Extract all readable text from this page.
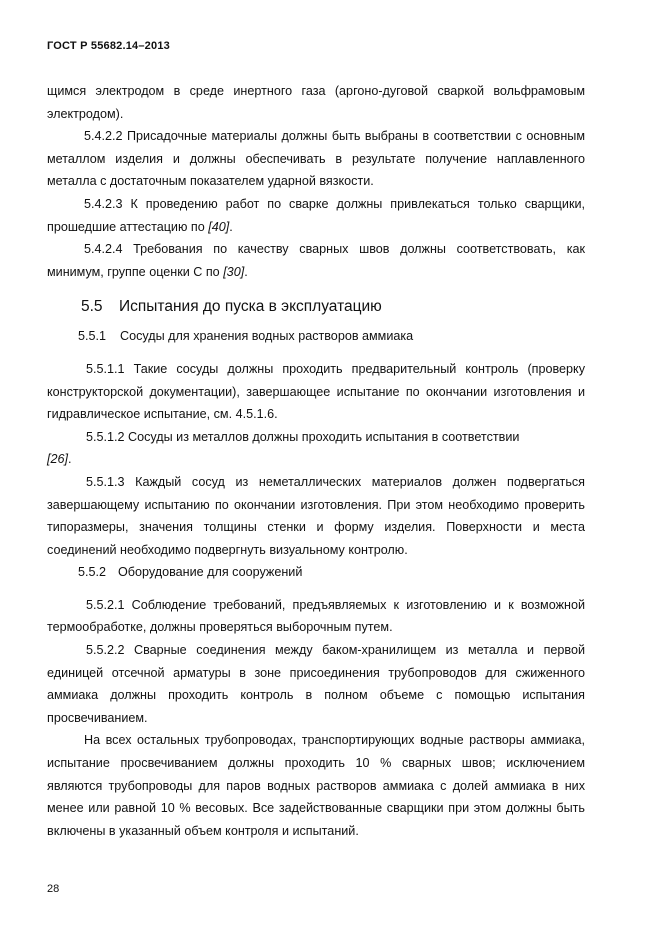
ГОСТ Р 55682.14–2013

щимся электродом в среде инертного газа (аргоно-дуговой сваркой вольфрамовым электродом).

5.4.2.2 Присадочные материалы должны быть выбраны в соответствии с основным металлом изделия и должны обеспечивать в результате получение наплавленного металла с достаточным показателем ударной вязкости.

5.4.2.3 К проведению работ по сварке должны привлекаться только сварщики, прошедшие аттестацию по [40].

5.4.2.4 Требования по качеству сварных швов должны соответствовать, как минимум, группе оценки С по [30].

5.5 Испытания до пуска в эксплуатацию
5.5.1 Сосуды для хранения водных растворов аммиака

5.5.1.1 Такие сосуды должны проходить предварительный контроль (проверку конструкторской документации), завершающее испытание по окончании изготовления и гидравлическое испытание, см. 4.5.1.6.

5.5.1.2 Сосуды из металлов должны проходить испытания в соответствии
[26].

5.5.1.3 Каждый сосуд из неметаллических материалов должен подвергаться завершающему испытанию по окончании изготовления. При этом необходимо проверить типоразмеры, значения толщины стенки и форму изделия. Поверхности и места соединений необходимо подвергнуть визуальному контролю.

5.5.2 Оборудование для сооружений

5.5.2.1 Соблюдение требований, предъявляемых к изготовлению и к возможной термообработке, должны проверяться выборочным путем.

5.5.2.2 Сварные соединения между баком-хранилищем из металла и первой единицей отсечной арматуры в зоне присоединения трубопроводов для сжиженного аммиака должны проходить контроль в полном объеме с помощью испытания просвечиванием.

На всех остальных трубопроводах, транспортирующих водные растворы аммиака, испытание просвечиванием должны проходить 10 % сварных швов; исключением являются трубопроводы для паров водных растворов аммиака с долей аммиака в них менее или равной 10 % весовых. Все задействованные сварщики при этом должны быть включены в указанный объем контроля и испытаний.

28
